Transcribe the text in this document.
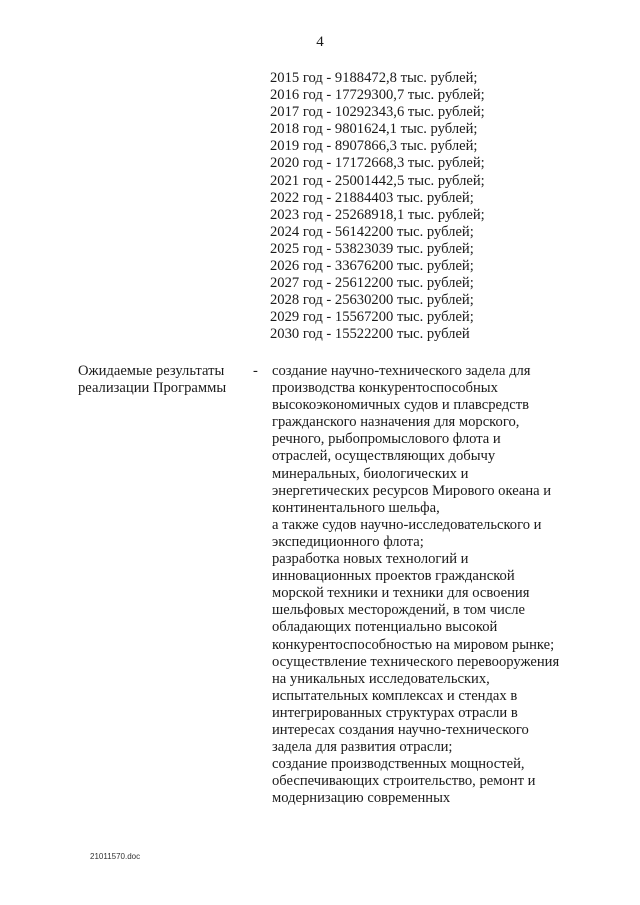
4
2015 год - 9188472,8 тыс. рублей;
2016 год - 17729300,7 тыс. рублей;
2017 год - 10292343,6 тыс. рублей;
2018 год - 9801624,1 тыс. рублей;
2019 год - 8907866,3 тыс. рублей;
2020 год - 17172668,3 тыс. рублей;
2021 год - 25001442,5 тыс. рублей;
2022 год - 21884403 тыс. рублей;
2023 год - 25268918,1 тыс. рублей;
2024 год - 56142200 тыс. рублей;
2025 год - 53823039 тыс. рублей;
2026 год - 33676200 тыс. рублей;
2027 год - 25612200 тыс. рублей;
2028 год - 25630200 тыс. рублей;
2029 год - 15567200 тыс. рублей;
2030 год - 15522200 тыс. рублей
Ожидаемые результаты
реализации Программы
- создание научно-технического задела для
производства конкурентоспособных
высокоэкономичных судов и плавсредств
гражданского назначения для морского,
речного, рыбопромыслового флота и
отраслей, осуществляющих добычу
минеральных, биологических и
энергетических ресурсов Мирового океана и
континентального шельфа,
а также судов научно-исследовательского и
экспедиционного флота;
разработка новых технологий и
инновационных проектов гражданской
морской техники и техники для освоения
шельфовых месторождений, в том числе
обладающих потенциально высокой
конкурентоспособностью на мировом рынке;
осуществление технического перевооружения
на уникальных исследовательских,
испытательных комплексах и стендах в
интегрированных структурах отрасли в
интересах создания научно-технического
задела для развития отрасли;
создание производственных мощностей,
обеспечивающих строительство, ремонт и
модернизацию современных
21011570.doc
